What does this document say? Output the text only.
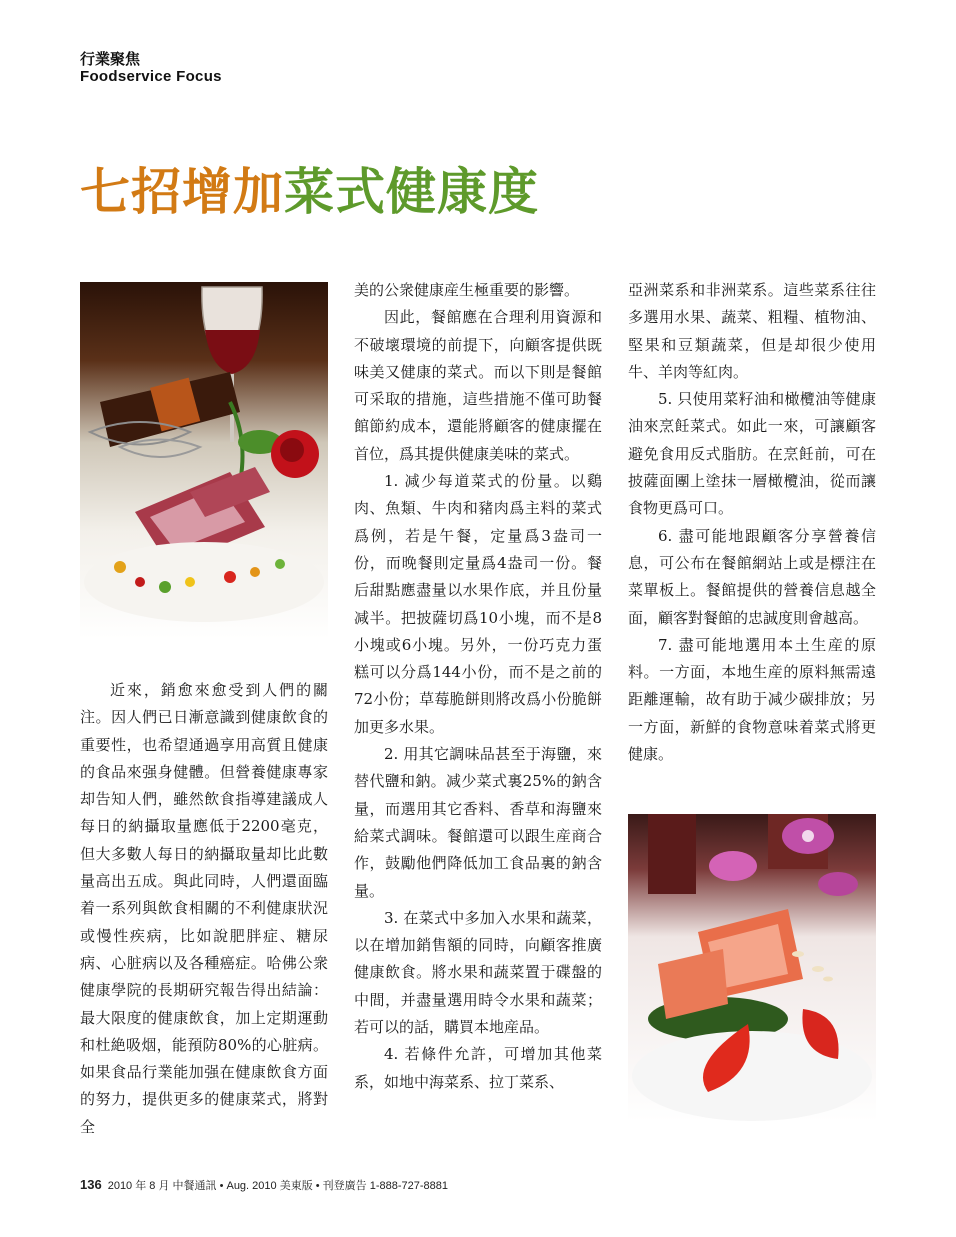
行業聚焦
Foodservice Focus
七招增加菜式健康度

近來，銷愈來愈受到人們的關注。因人們已日漸意識到健康飲食的重要性，也希望通過享用高質且健康的食品來强身健體。但營養健康專家却告知人們，雖然飲食指導建議成人每日的納攝取量應低于2200毫克，但大多數人每日的納攝取量却比此數量高出五成。與此同時，人們還面臨着一系列與飲食相關的不利健康狀況或慢性疾病，比如說肥胖症、糖尿病、心脏病以及各種癌症。哈佛公衆健康學院的長期研究報告得出結論：最大限度的健康飲食，加上定期運動和杜絶吸烟，能預防80%的心脏病。如果食品行業能加强在健康飲食方面的努力，提供更多的健康菜式，將對全

美的公衆健康産生極重要的影響。

因此，餐館應在合理利用資源和不破壞環境的前提下，向顧客提供既味美又健康的菜式。而以下則是餐館可采取的措施，這些措施不僅可助餐館節約成本，還能將顧客的健康擺在首位，爲其提供健康美味的菜式。

1. 减少每道菜式的份量。以鷄肉、魚類、牛肉和豬肉爲主料的菜式爲例，若是午餐，定量爲3盎司一份，而晚餐則定量爲4盎司一份。餐后甜點應盡量以水果作底，并且份量减半。把披薩切爲10小塊，而不是8小塊或6小塊。另外，一份巧克力蛋糕可以分爲144小份，而不是之前的72小份；草莓脆餅則將改爲小份脆餅加更多水果。

2. 用其它調味品甚至于海鹽，來替代鹽和鈉。减少菜式裏25%的鈉含量，而選用其它香料、香草和海鹽來給菜式調味。餐館還可以跟生産商合作，鼓勵他們降低加工食品裏的鈉含量。

3. 在菜式中多加入水果和蔬菜，以在增加銷售額的同時，向顧客推廣健康飲食。將水果和蔬菜置于碟盤的中間，并盡量選用時令水果和蔬菜；若可以的話，購買本地産品。

4. 若條件允許，可增加其他菜系，如地中海菜系、拉丁菜系、

亞洲菜系和非洲菜系。這些菜系往往多選用水果、蔬菜、粗糧、植物油、堅果和豆類蔬菜，但是却很少使用牛、羊肉等紅肉。

5. 只使用菜籽油和橄欖油等健康油來烹飪菜式。如此一來，可讓顧客避免食用反式脂肪。在烹飪前，可在披薩面團上塗抹一層橄欖油，從而讓食物更爲可口。

6. 盡可能地跟顧客分享營養信息，可公布在餐館網站上或是標注在菜單板上。餐館提供的營養信息越全面，顧客對餐館的忠誠度則會越高。

7. 盡可能地選用本土生産的原料。一方面，本地生産的原料無需遠距離運輸，故有助于减少碳排放；另一方面，新鮮的食物意味着菜式將更健康。

136 2010 年 8 月 中餐通訊 • Aug. 2010 美東版 • 刊登廣告 1-888-727-8881
